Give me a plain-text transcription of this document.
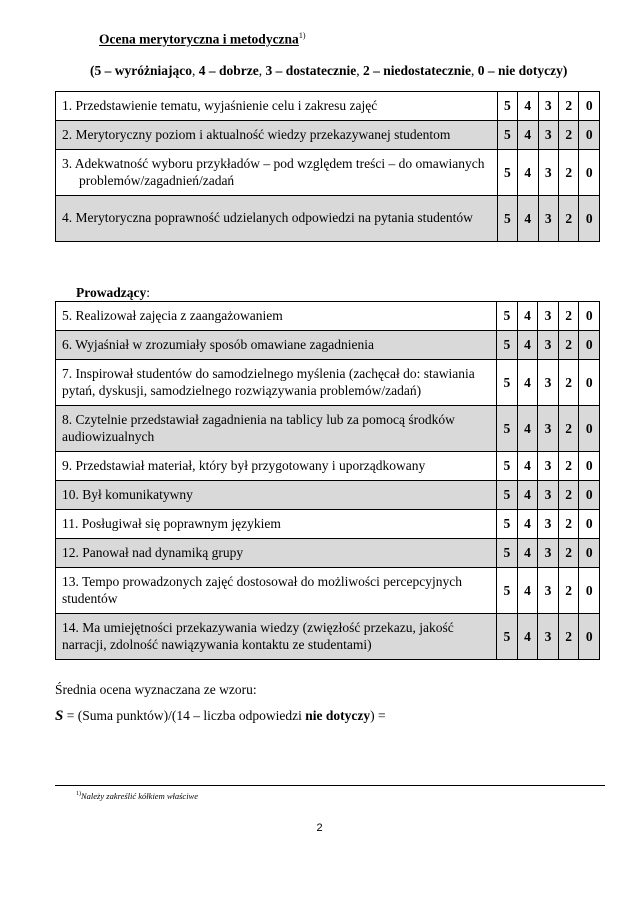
Ocena merytoryczna i metodyczna$^{1)}$
(5 – wyróżniająco, 4 – dobrze, 3 – dostatecznie, 2 – niedostatecznie, 0 – nie dotyczy)
1. Przedstawienie tematu, wyjaśnienie celu i zakresu zajęć	5	4	3	2	0
2. Merytoryczny poziom i aktualność wiedzy przekazywanej studentom	5	4	3	2	0

3. Adekwatność wyboru przykładów – pod względem treści – do omawianych problemów/zagadnień/zadań	5	4	3	2	0

4. Merytoryczna poprawność udzielanych odpowiedzi na pytania studentów	5	4	3	2	0
Prowadzący:
5. Realizował zajęcia z zaangażowaniem	5	4	3	2	0
6. Wyjaśniał w zrozumiały sposób omawiane zagadnienia	5	4	3	2	0
7. Inspirował studentów do samodzielnego myślenia (zachęcał do: stawiania pytań, dyskusji, samodzielnego rozwiązywania problemów/zadań)	5	4	3	2	0
8. Czytelnie przedstawiał zagadnienia na tablicy lub za pomocą środków audiowizualnych	5	4	3	2	0
9. Przedstawiał materiał, który był przygotowany i uporządkowany	5	4	3	2	0
10. Był komunikatywny	5	4	3	2	0
11. Posługiwał się poprawnym językiem	5	4	3	2	0
12. Panował nad dynamiką grupy	5	4	3	2	0
13. Tempo prowadzonych zajęć dostosował do możliwości percepcyjnych studentów	5	4	3	2	0
14. Ma umiejętności przekazywania wiedzy (zwięzłość przekazu, jakość narracji, zdolność nawiązywania kontaktu ze studentami)	5	4	3	2	0
Średnia ocena wyznaczana ze wzoru:
S = (Suma punktów)/(14 – liczba odpowiedzi nie dotyczy) =
$^{1)}$Należy zakreślić kółkiem właściwe
2
